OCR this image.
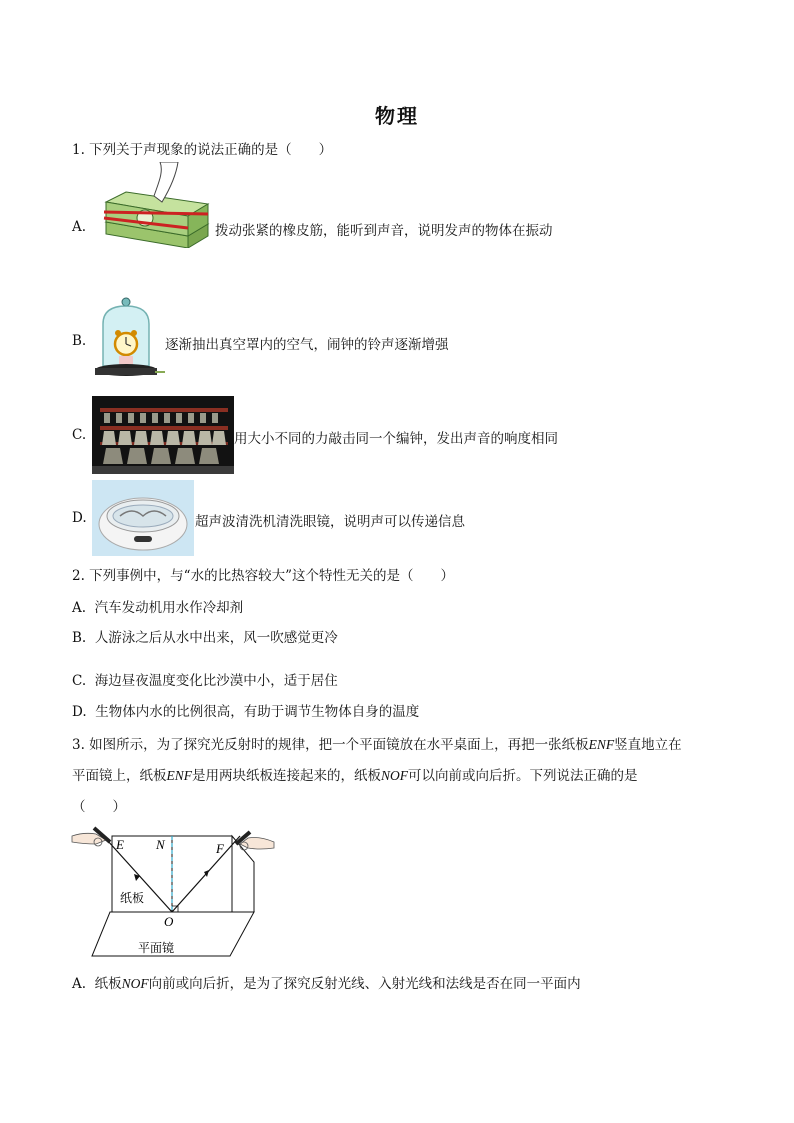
物理
1. 下列关于声现象的说法正确的是（　　）
A.	拨动张紧的橡皮筋，能听到声音，说明发声的物体在振动
B.	逐渐抽出真空罩内的空气，闹钟的铃声逐渐增强
C.	用大小不同的力敲击同一个编钟，发出声音的响度相同
D.	超声波清洗机清洗眼镜，说明声可以传递信息
2. 下列事例中，与“水的比热容较大”这个特性无关的是（　　）
A. 汽车发动机用水作冷却剂
B. 人游泳之后从水中出来，风一吹感觉更冷
C. 海边昼夜温度变化比沙漠中小，适于居住
D. 生物体内水的比例很高，有助于调节生物体自身的温度
3. 如图所示，为了探究光反射时的规律，把一个平面镜放在水平桌面上，再把一张纸板ENF竖直地立在
平面镜上，纸板ENF是用两块纸板连接起来的，纸板NOF可以向前或向后折。下列说法正确的是
（　　）
E N	F
O
纸板
平面镜
A. 纸板NOF向前或向后折，是为了探究反射光线、入射光线和法线是否在同一平面内
